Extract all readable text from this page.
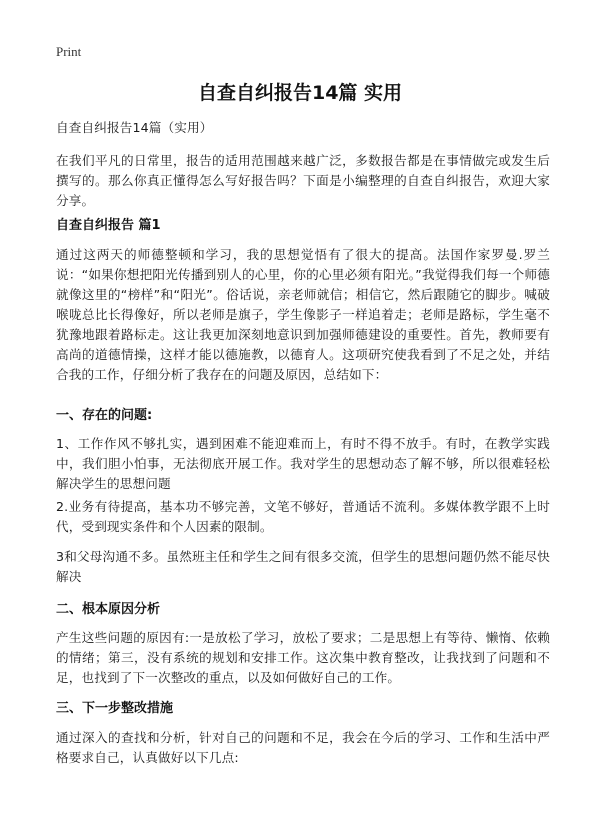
Print
自查自纠报告14篇 实用
自查自纠报告14篇（实用）
在我们平凡的日常里，报告的适用范围越来越广泛，多数报告都是在事情做完或发生后撰写的。那么你真正懂得怎么写好报告吗？下面是小编整理的自查自纠报告，欢迎大家分享。
自查自纠报告 篇1
通过这两天的师德整顿和学习，我的思想觉悟有了很大的提高。法国作家罗曼.罗兰说：“如果你想把阳光传播到别人的心里，你的心里必须有阳光。”我觉得我们每一个师德就像这里的“榜样”和“阳光”。俗话说，亲老师就信；相信它，然后跟随它的脚步。喊破喉咙总比长得像好，所以老师是旗子，学生像影子一样追着走；老师是路标，学生毫不犹豫地跟着路标走。这让我更加深刻地意识到加强师德建设的重要性。首先，教师要有高尚的道德情操，这样才能以德施教，以德育人。这项研究使我看到了不足之处，并结合我的工作，仔细分析了我存在的问题及原因，总结如下：
一、存在的问题:
1、工作作风不够扎实，遇到困难不能迎难而上，有时不得不放手。有时，在教学实践中，我们胆小怕事，无法彻底开展工作。我对学生的思想动态了解不够，所以很难轻松解决学生的思想问题
2.业务有待提高，基本功不够完善，文笔不够好，普通话不流利。多媒体教学跟不上时代，受到现实条件和个人因素的限制。
3和父母沟通不多。虽然班主任和学生之间有很多交流，但学生的思想问题仍然不能尽快解决
二、根本原因分析
产生这些问题的原因有:一是放松了学习，放松了要求；二是思想上有等待、懒惰、依赖的情绪；第三，没有系统的规划和安排工作。这次集中教育整改，让我找到了问题和不足，也找到了下一次整改的重点，以及如何做好自己的工作。
三、下一步整改措施
通过深入的查找和分析，针对自己的问题和不足，我会在今后的学习、工作和生活中严格要求自己，认真做好以下几点:
